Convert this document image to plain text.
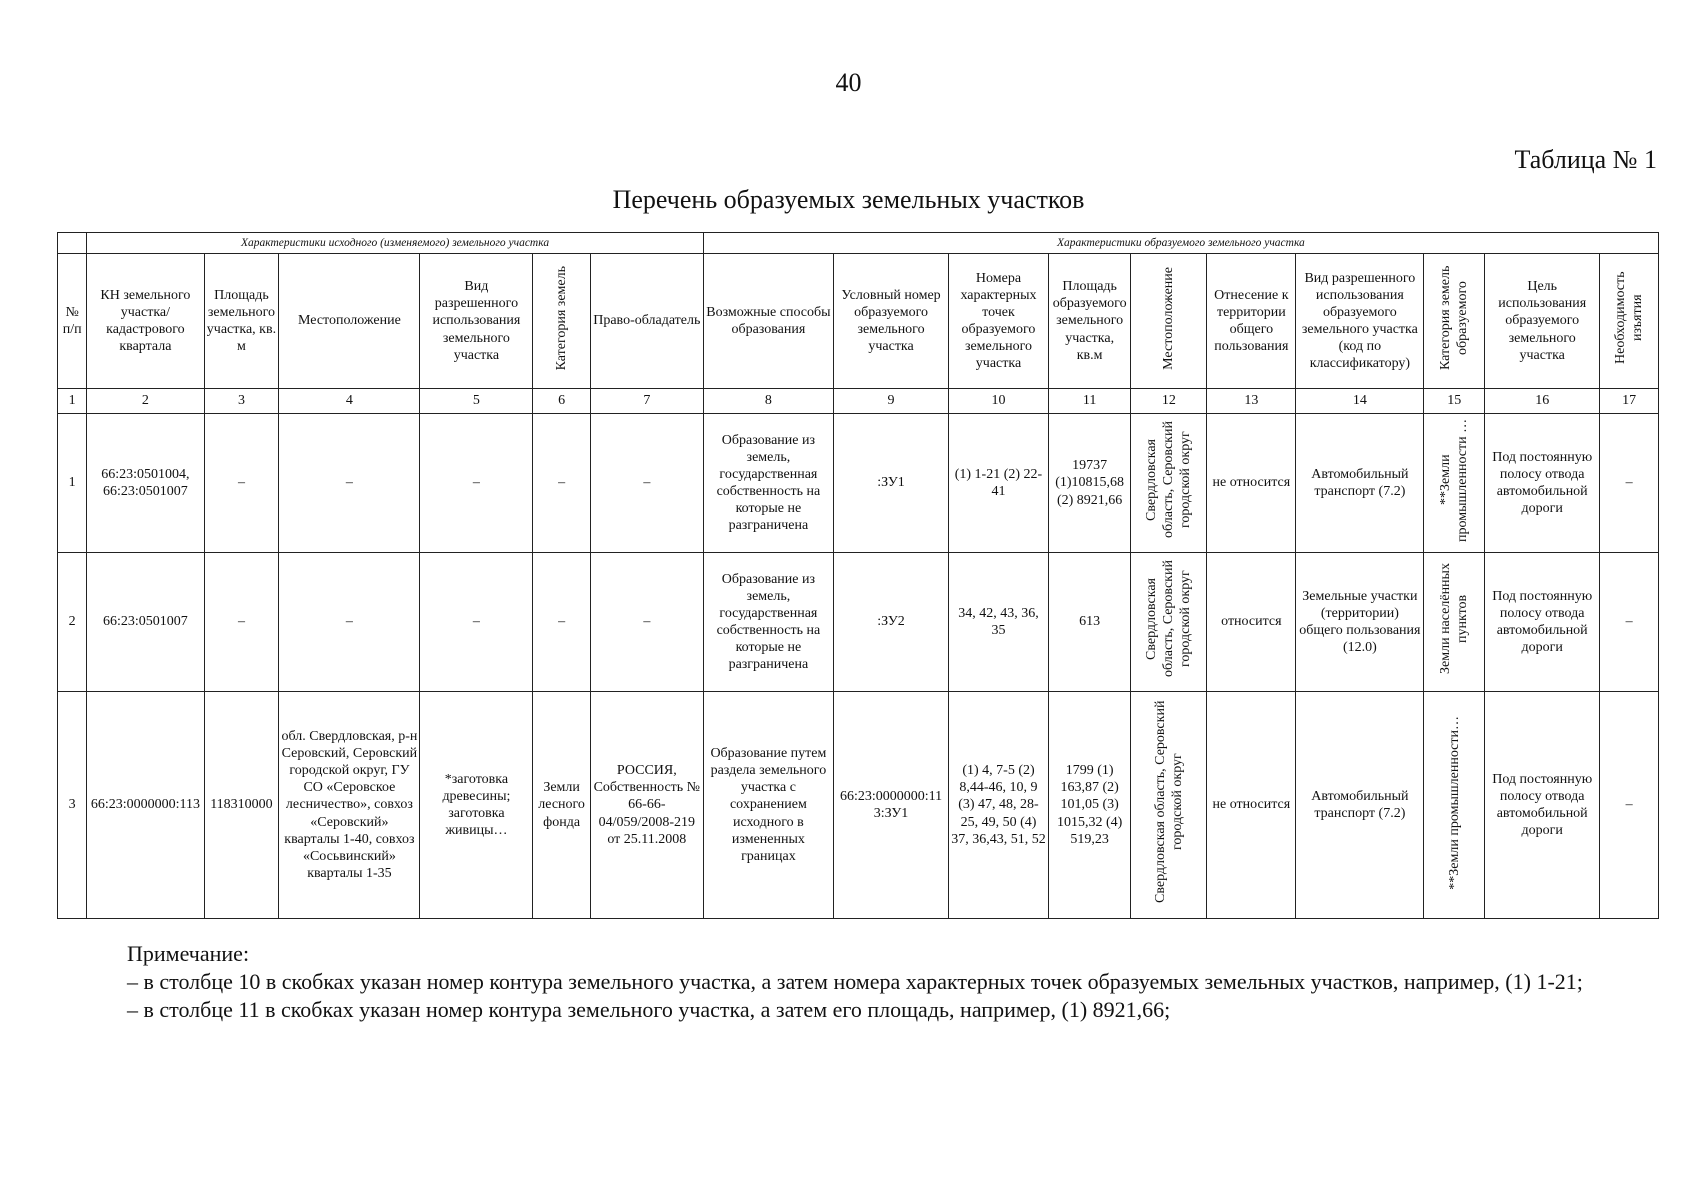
40
Таблица № 1
Перечень образуемых земельных участков
	Характеристики исходного (изменяемого) земельного участка						Характеристики образуемого земельного участка									
№ п/п	КН земельного участка/ кадастрового квартала	Площадь земельного участка, кв. м	Местоположение	Вид разрешенного использования земельного участка	Категория земель	Право-обладатель	Возможные способы образования	Условный номер образуемого земельного участка	Номера характерных точек образуемого земельного участка	Площадь образуемого земельного участка, кв.м	Местоположение	Отнесение к территории общего пользования	Вид разрешенного использования образуемого земельного участка (код по классификатору)	Категория земель образуемого	Цель использования образуемого земельного участка	Необходимость изъятия
1	2	3	4	5	6	7	8	9	10	11	12	13	14	15	16	17
1	66:23:0501004, 66:23:0501007	–	–	–	–	–	Образование из земель, государственная собственность на которые не разграничена	:ЗУ1	(1) 1-21 (2) 22-41	19737 (1)10815,68 (2) 8921,66	Свердловская область, Серовский городской округ	не относится	Автомобильный транспорт (7.2)	**Земли промышленности …	Под постоянную полосу отвода автомобильной дороги	–
2	66:23:0501007	–	–	–	–	–	Образование из земель, государственная собственность на которые не разграничена	:ЗУ2	34, 42, 43, 36, 35	613	Свердловская область, Серовский городской округ	относится	Земельные участки (территории) общего пользования (12.0)	Земли населённых пунктов	Под постоянную полосу отвода автомобильной дороги	–
3	66:23:0000000:113	118310000	обл. Свердловская, р-н Серовский, Серовский городской округ, ГУ СО «Серовское лесничество», совхоз «Серовский» кварталы 1-40, совхоз «Сосьвинский» кварталы 1-35	*заготовка древесины; заготовка живицы…	Земли лесного фонда	РОССИЯ, Собственность № 66-66-04/059/2008-219 от 25.11.2008	Образование путем раздела земельного участка с сохранением исходного в измененных границах	66:23:0000000:113:ЗУ1	(1) 4, 7-5 (2) 8,44-46, 10, 9 (3) 47, 48, 28-25, 49, 50 (4) 37, 36,43, 51, 52	1799 (1) 163,87 (2) 101,05 (3) 1015,32 (4) 519,23	Свердловская область, Серовский городской округ	не относится	Автомобильный транспорт (7.2)	**Земли промышленности…	Под постоянную полосу отвода автомобильной дороги	–
Примечание:
– в столбце 10 в скобках указан номер контура земельного участка, а затем номера характерных точек образуемых земельных участков, например, (1) 1-21;
– в столбце 11 в скобках указан номер контура земельного участка, а затем его площадь, например, (1) 8921,66;
